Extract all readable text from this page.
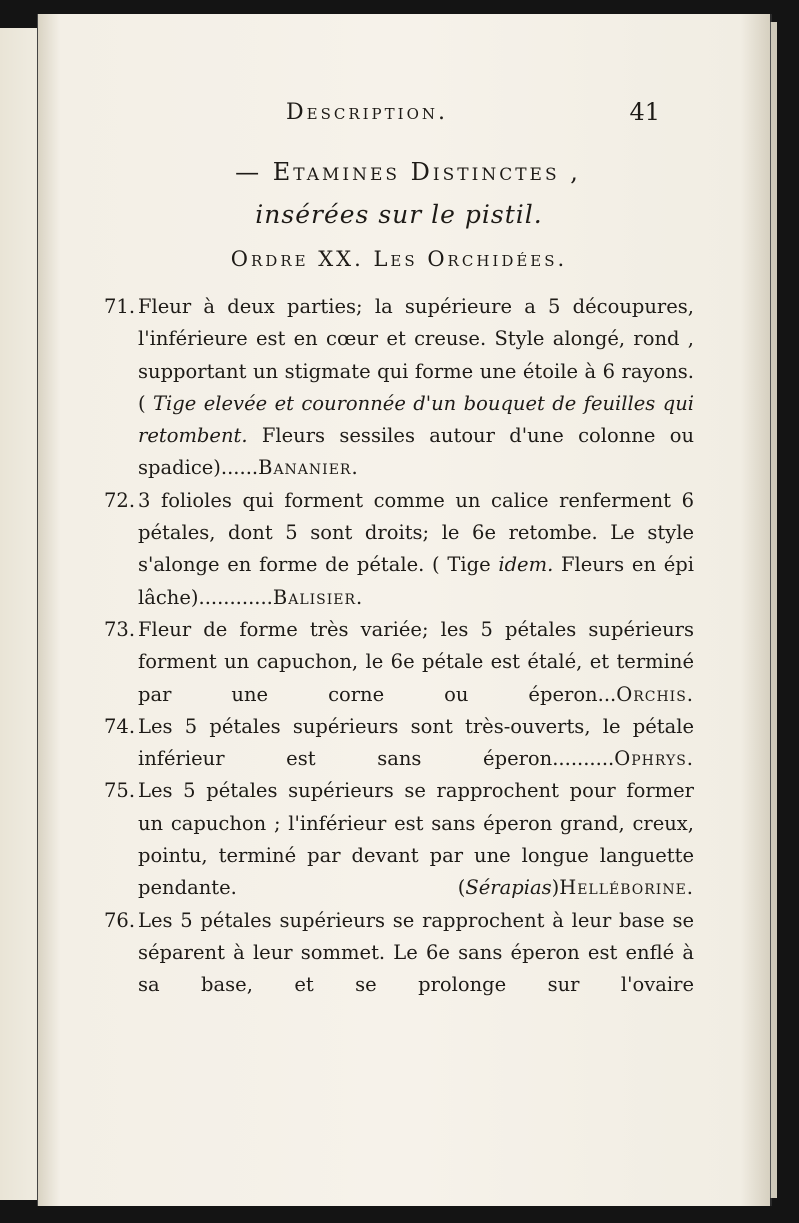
Description.	41
— Etamines Distinctes ,
insérées sur le pistil.
Ordre XX. Les Orchidées.
71. Fleur à deux parties; la supérieure a 5 découpures, l'inférieure est en cœur et creuse. Style alongé, rond , supportant un stigmate qui forme une étoile à 6 rayons. ( Tige elevée et couronnée d'un bouquet de feuilles qui retombent. Fleurs sessiles autour d'une colonne ou spadice)......Bananier.
72. 3 folioles qui forment comme un calice renferment 6 pétales, dont 5 sont droits; le 6e retombe. Le style s'alonge en forme de pétale. ( Tige idem. Fleurs en épi lâche)............Balisier.
73. Fleur de forme très variée; les 5 pétales supérieurs forment un capuchon, le 6e pétale est étalé, et terminé par une corne ou éperon...Orchis.
74. Les 5 pétales supérieurs sont très-ouverts, le pétale inférieur est sans éperon..........Ophrys.
75. Les 5 pétales supérieurs se rapprochent pour former un capuchon ; l'inférieur est sans éperon grand, creux, pointu, terminé par devant par une longue languette pendante. (Sérapias)Helléborine.
76. Les 5 pétales supérieurs se rapprochent à leur base se séparent à leur sommet. Le 6e sans éperon est enflé à sa base, et se prolonge sur l'ovaire
